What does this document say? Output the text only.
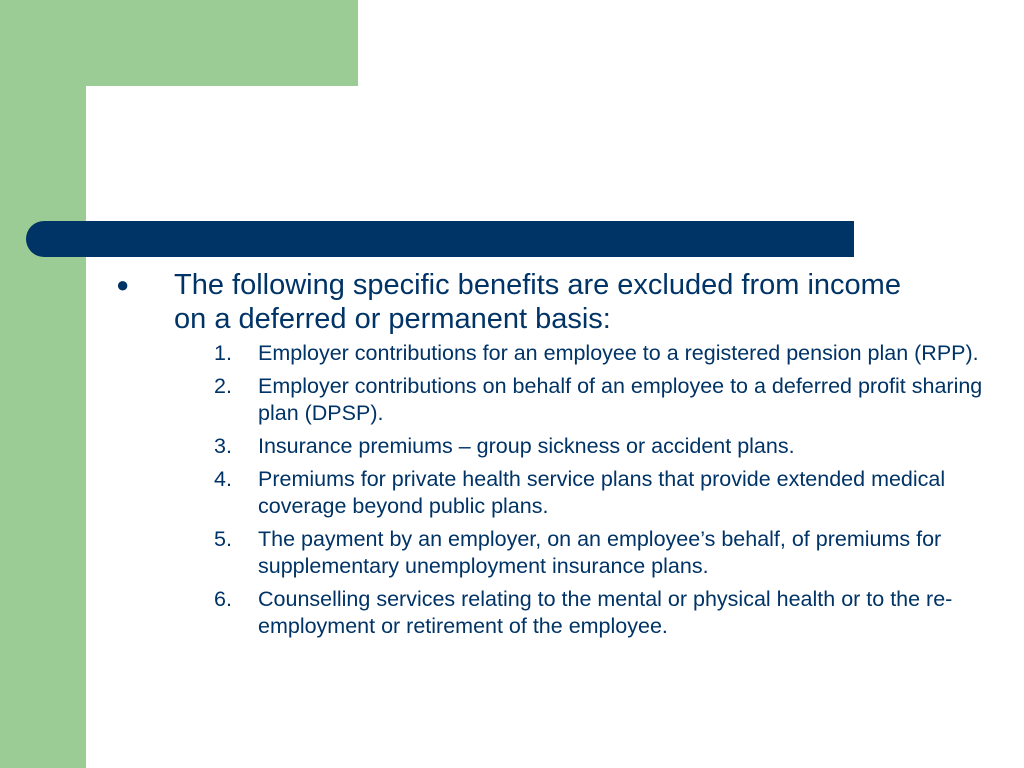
●	The following specific benefits are excluded from income on a deferred or permanent basis:
1.	Employer contributions for an employee to a registered pension plan (RPP).
2.	Employer contributions on behalf of an employee to a deferred profit sharing plan (DPSP).
3.	Insurance premiums – group sickness or accident plans.
4.	Premiums for private health service plans that provide extended medical coverage beyond public plans.
5.	The payment by an employer, on an employee’s behalf, of premiums for supplementary unemployment insurance plans.
6.	Counselling services relating to the mental or physical health or to the re-employment or retirement of the employee.
